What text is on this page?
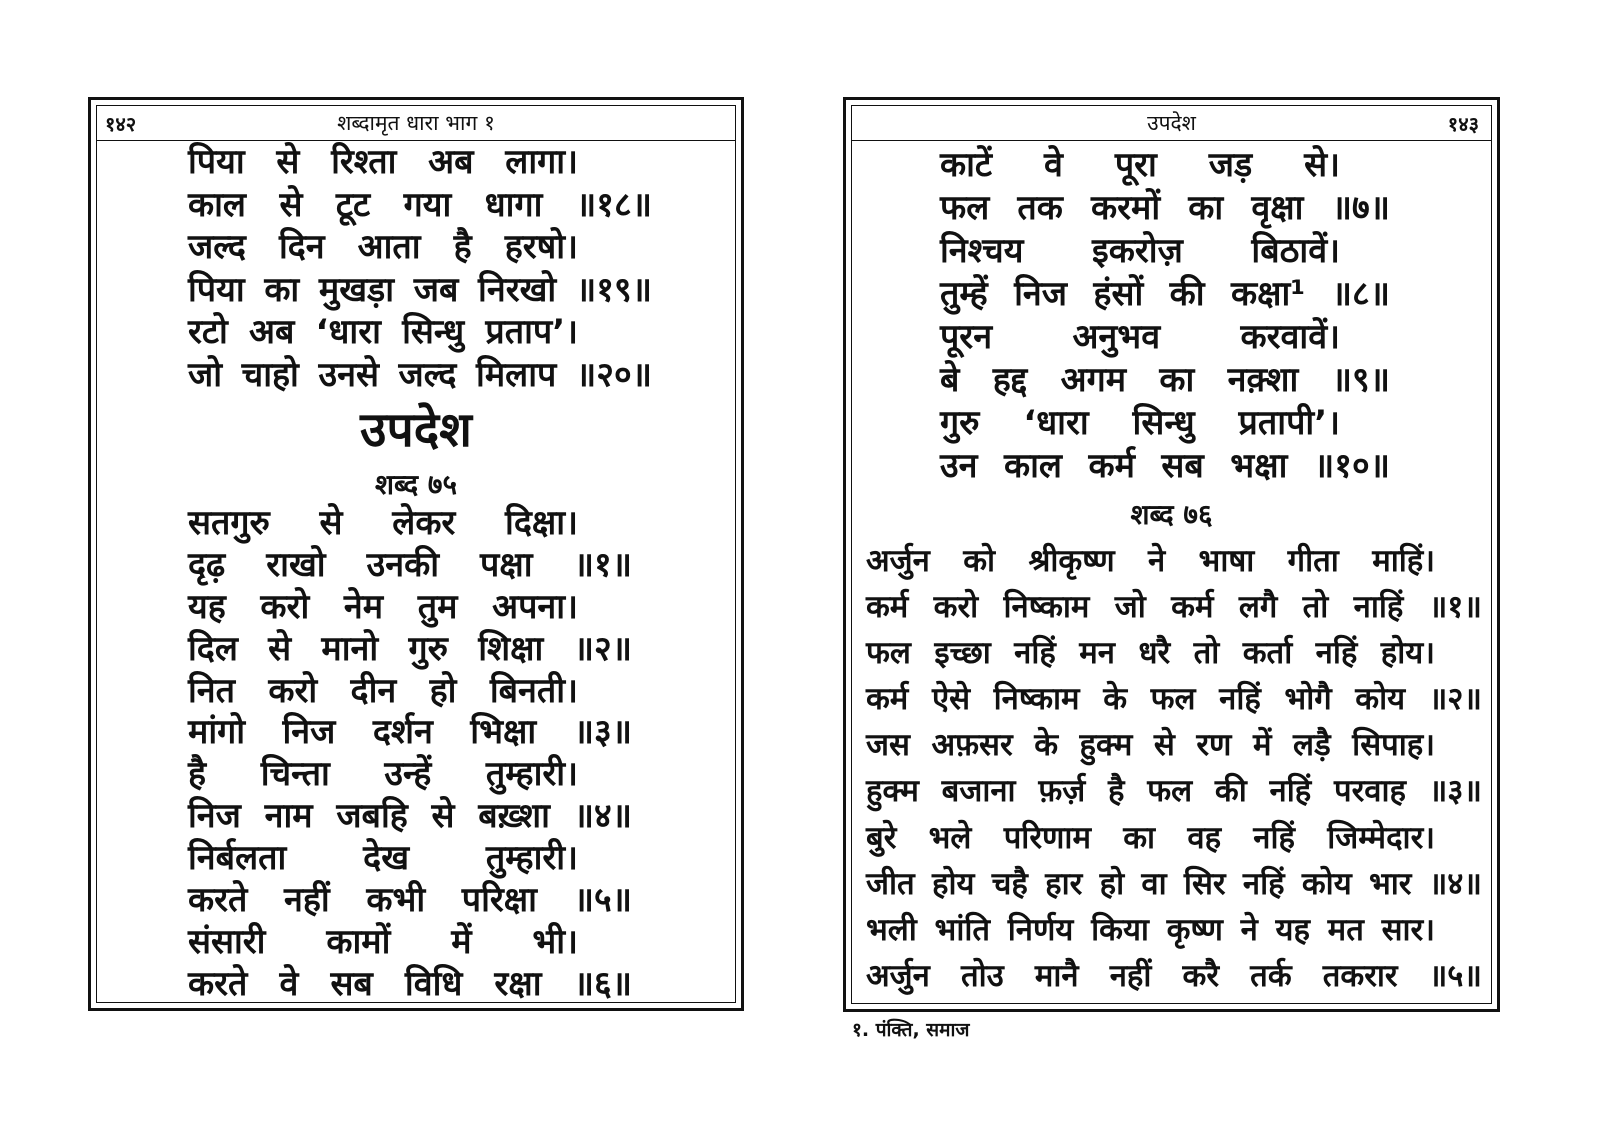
१४२	शब्दामृत धारा भाग १
पिया से रिश्ता अब लागा।
काल से टूट गया धागा ॥१८॥
जल्द दिन आता है हरषो।
पिया का मुखड़ा जब निरखो ॥१९॥
रटो अब ‘धारा सिन्धु प्रताप’।
जो चाहो उनसे जल्द मिलाप ॥२०॥
उपदेश
शब्द ७५
सतगुरु से लेकर दिक्षा।
दृढ़ राखो उनकी पक्षा ॥१॥
यह करो नेम तुम अपना।
दिल से मानो गुरु शिक्षा ॥२॥
नित करो दीन हो बिनती।
मांगो निज दर्शन भिक्षा ॥३॥
है चिन्ता उन्हें तुम्हारी।
निज नाम जबहि से बख़्शा ॥४॥
निर्बलता देख तुम्हारी।
करते नहीं कभी परिक्षा ॥५॥
संसारी कामों में भी।
करते वे सब विधि रक्षा ॥६॥
उपदेश	१४३
काटें वे पूरा जड़ से।
फल तक करमों का वृक्षा ॥७॥
निश्चय इकरोज़ बिठावें।
तुम्हें निज हंसों की कक्षा¹ ॥८॥
पूरन अनुभव करवावें।
बे हद्द अगम का नक़्शा ॥९॥
गुरु ‘धारा सिन्धु प्रतापी’।
उन काल कर्म सब भक्षा ॥१०॥
शब्द ७६
अर्जुन को श्रीकृष्ण ने भाषा गीता माहिं।
कर्म करो निष्काम जो कर्म लगै तो नाहिं ॥१॥
फल इच्छा नहिं मन धरै तो कर्ता नहिं होय।
कर्म ऐसे निष्काम के फल नहिं भोगै कोय ॥२॥
जस अफ़सर के हुक्म से रण में लड़ै सिपाह।
हुक्म बजाना फ़र्ज़ है फल की नहिं परवाह ॥३॥
बुरे भले परिणाम का वह नहिं जिम्मेदार।
जीत होय चहै हार हो वा सिर नहिं कोय भार ॥४॥
भली भांति निर्णय किया कृष्ण ने यह मत सार।
अर्जुन तोउ मानै नहीं करै तर्क तकरार ॥५॥
१. पंक्ति, समाज
